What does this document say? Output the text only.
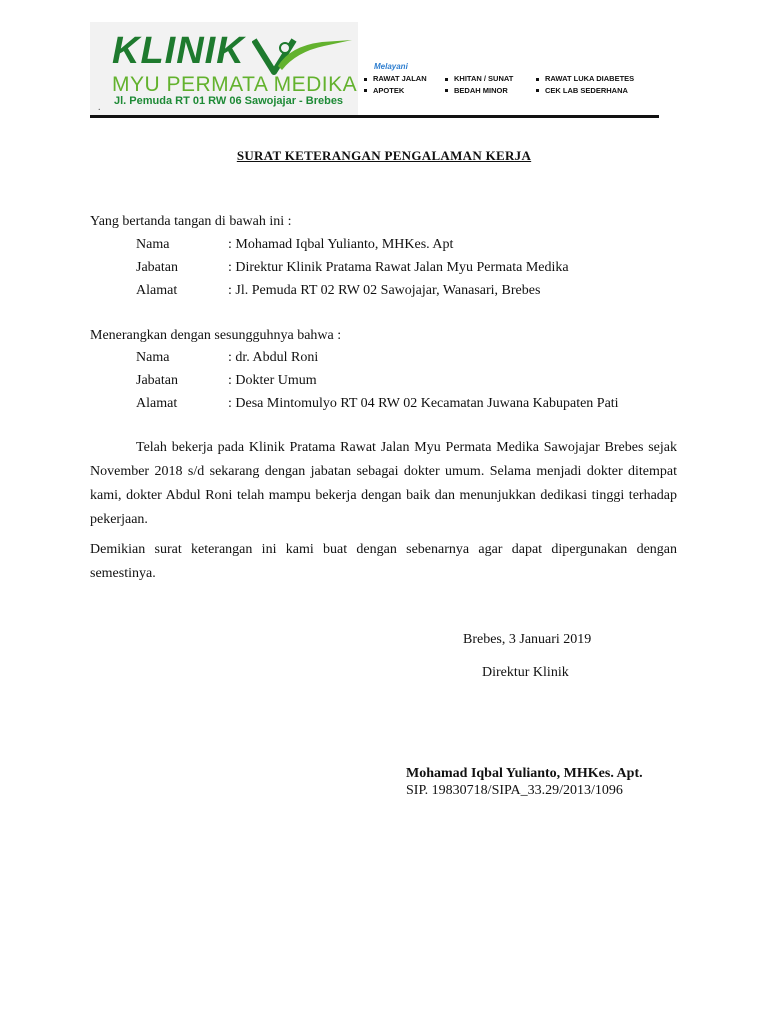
KLINIK
MYU PERMATA MEDIKA
.
Jl. Pemuda RT 01 RW 06 Sawojajar - Brebes
Melayani
RAWAT JALAN
APOTEK
KHITAN / SUNAT
BEDAH MINOR
RAWAT LUKA DIABETES
CEK LAB SEDERHANA
SURAT KETERANGAN PENGALAMAN KERJA
Yang bertanda tangan di bawah ini :
Nama	: Mohamad Iqbal Yulianto, MHKes. Apt
Jabatan	: Direktur Klinik Pratama Rawat Jalan Myu Permata Medika
Alamat	: Jl. Pemuda RT 02 RW 02 Sawojajar, Wanasari, Brebes
Menerangkan dengan sesungguhnya bahwa :
Nama	: dr. Abdul Roni
Jabatan	: Dokter Umum
Alamat	: Desa Mintomulyo RT 04 RW 02 Kecamatan Juwana Kabupaten Pati
Telah bekerja pada Klinik Pratama Rawat Jalan Myu Permata Medika Sawojajar Brebes sejak November 2018 s/d sekarang dengan jabatan sebagai dokter umum. Selama menjadi dokter ditempat kami, dokter Abdul Roni telah mampu bekerja dengan baik dan menunjukkan dedikasi tinggi terhadap pekerjaan.
Demikian surat keterangan ini kami buat dengan sebenarnya agar dapat dipergunakan dengan semestinya.
Brebes, 3 Januari 2019
Direktur Klinik
Mohamad Iqbal Yulianto, MHKes. Apt.
SIP. 19830718/SIPA_33.29/2013/1096
